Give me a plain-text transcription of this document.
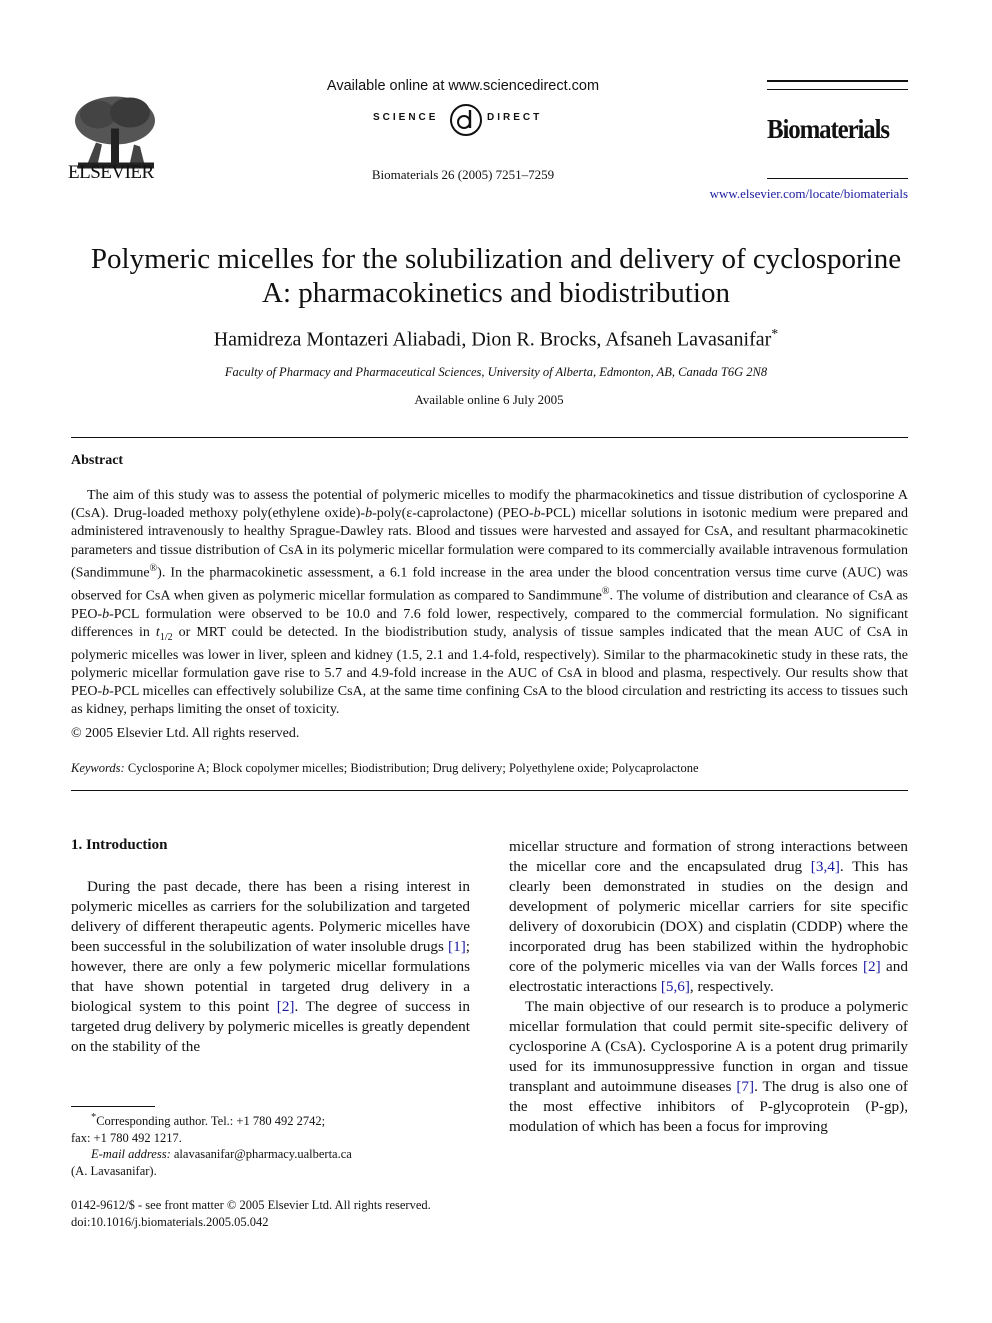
ELSEVIER
Available online at www.sciencedirect.com
SCIENCE	DIRECT
Biomaterials 26 (2005) 7251–7259
Biomaterials
www.elsevier.com/locate/biomaterials
Polymeric micelles for the solubilization and delivery of cyclosporine
A: pharmacokinetics and biodistribution
Hamidreza Montazeri Aliabadi, Dion R. Brocks, Afsaneh Lavasanifar*
Faculty of Pharmacy and Pharmaceutical Sciences, University of Alberta, Edmonton, AB, Canada T6G 2N8
Available online 6 July 2005
Abstract
The aim of this study was to assess the potential of polymeric micelles to modify the pharmacokinetics and tissue distribution of cyclosporine A (CsA). Drug-loaded methoxy poly(ethylene oxide)-b-poly(ε-caprolactone) (PEO-b-PCL) micellar solutions in isotonic medium were prepared and administered intravenously to healthy Sprague-Dawley rats. Blood and tissues were harvested and assayed for CsA, and resultant pharmacokinetic parameters and tissue distribution of CsA in its polymeric micellar formulation were compared to its commercially available intravenous formulation (Sandimmune®). In the pharmacokinetic assessment, a 6.1 fold increase in the area under the blood concentration versus time curve (AUC) was observed for CsA when given as polymeric micellar formulation as compared to Sandimmune®. The volume of distribution and clearance of CsA as PEO-b-PCL formulation were observed to be 10.0 and 7.6 fold lower, respectively, compared to the commercial formulation. No significant differences in $t_{1/2}$ or MRT could be detected. In the biodistribution study, analysis of tissue samples indicated that the mean AUC of CsA in polymeric micelles was lower in liver, spleen and kidney (1.5, 2.1 and 1.4-fold, respectively). Similar to the pharmacokinetic study in these rats, the polymeric micellar formulation gave rise to 5.7 and 4.9-fold increase in the AUC of CsA in blood and plasma, respectively. Our results show that PEO-b-PCL micelles can effectively solubilize CsA, at the same time confining CsA to the blood circulation and restricting its access to tissues such as kidney, perhaps limiting the onset of toxicity.
© 2005 Elsevier Ltd. All rights reserved.
Keywords: Cyclosporine A; Block copolymer micelles; Biodistribution; Drug delivery; Polyethylene oxide; Polycaprolactone
1. Introduction

During the past decade, there has been a rising interest in polymeric micelles as carriers for the solubilization and targeted delivery of different therapeutic agents. Polymeric micelles have been successful in the solubilization of water insoluble drugs [1]; however, there are only a few polymeric micellar formulations that have shown potential in targeted drug delivery in a biological system to this point [2]. The degree of success in targeted drug delivery by polymeric micelles is greatly dependent on the stability of the

micellar structure and formation of strong interactions between the micellar core and the encapsulated drug [3,4]. This has clearly been demonstrated in studies on the design and development of polymeric micellar carriers for site specific delivery of doxorubicin (DOX) and cisplatin (CDDP) where the incorporated drug has been stabilized within the hydrophobic core of the polymeric micelles via van der Walls forces [2] and electrostatic interactions [5,6], respectively.

The main objective of our research is to produce a polymeric micellar formulation that could permit site-specific delivery of cyclosporine A (CsA). Cyclosporine A is a potent drug primarily used for its immunosuppressive function in organ and tissue transplant and autoimmune diseases [7]. The drug is also one of the most effective inhibitors of P-glycoprotein (P-gp), modulation of which has been a focus for improving

*Corresponding author. Tel.: +1 780 492 2742;
fax: +1 780 492 1217.
E-mail address: alavasanifar@pharmacy.ualberta.ca
(A. Lavasanifar).
0142-9612/$ - see front matter © 2005 Elsevier Ltd. All rights reserved.
doi:10.1016/j.biomaterials.2005.05.042
